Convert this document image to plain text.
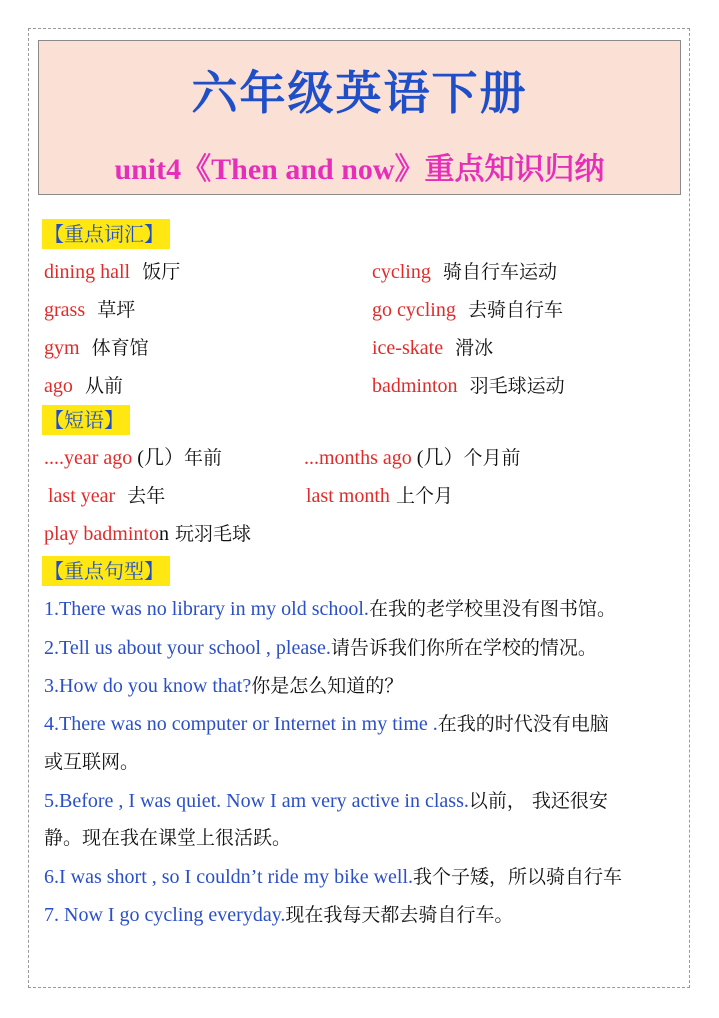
六年级英语下册
unit4《Then and now》重点知识归纳
【重点词汇】
dining hall 饭厅	cycling 骑自行车运动
grass 草坪	go cycling 去骑自行车
gym 体育馆	ice-skate 滑冰
ago 从前	badminton 羽毛球运动
【短语】
....year ago (几）年前	...months ago (几）个月前
last year 去年	last month 上个月
play badminton 玩羽毛球
【重点句型】
1.There was no library in my old school.在我的老学校里没有图书馆。
2.Tell us about your school , please.请告诉我们你所在学校的情况。
3.How do you know that?你是怎么知道的？
4.There was no computer or Internet in my time .在我的时代没有电脑
或互联网。
5.Before , I was quiet. Now I am very active in class.以前， 我还很安
静。现在我在课堂上很活跃。
6.I was short , so I couldn’t ride my bike well.我个子矮，所以骑自行车
7. Now I go cycling everyday.现在我每天都去骑自行车。
